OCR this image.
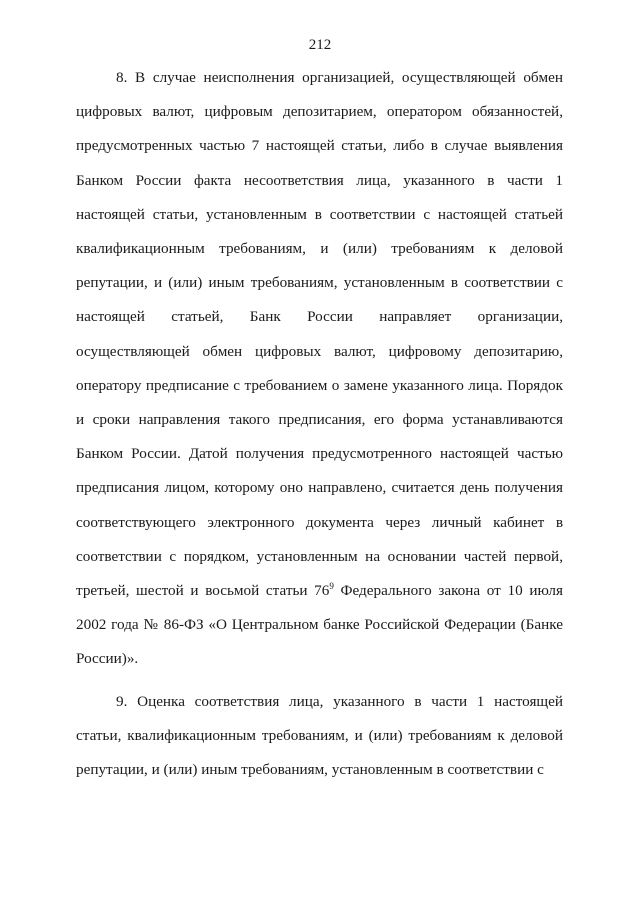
212

8. В случае неисполнения организацией, осуществляющей обмен цифровых валют, цифровым депозитарием, оператором обязанностей, предусмотренных частью 7 настоящей статьи, либо в случае выявления Банком России факта несоответствия лица, указанного в части 1 настоящей статьи, установленным в соответствии с настоящей статьей квалификационным требованиям, и (или) требованиям к деловой репутации, и (или) иным требованиям, установленным в соответствии с настоящей статьей, Банк России направляет организации, осуществляющей обмен цифровых валют, цифровому депозитарию, оператору предписание с требованием о замене указанного лица. Порядок и сроки направления такого предписания, его форма устанавливаются Банком России. Датой получения предусмотренного настоящей частью предписания лицом, которому оно направлено, считается день получения соответствующего электронного документа через личный кабинет в соответствии с порядком, установленным на основании частей первой, третьей, шестой и восьмой статьи $76^9$ Федерального закона от 10 июля 2002 года № 86-ФЗ «О Центральном банке Российской Федерации (Банке России)».

9. Оценка соответствия лица, указанного в части 1 настоящей статьи, квалификационным требованиям, и (или) требованиям к деловой репутации, и (или) иным требованиям, установленным в соответствии с
